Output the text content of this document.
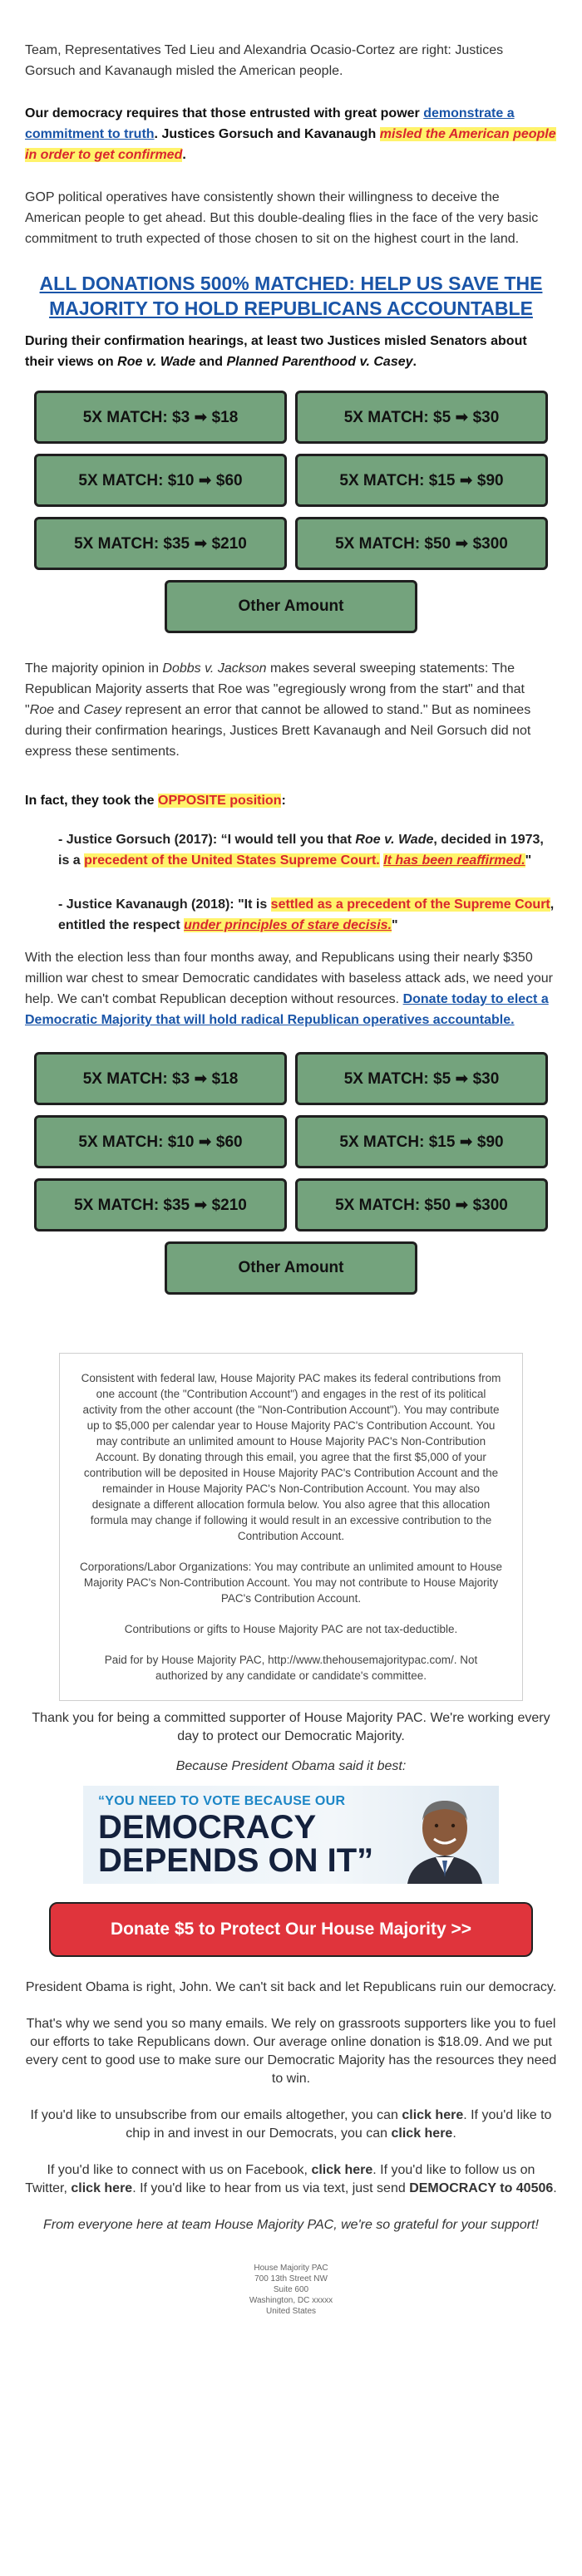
Team, Representatives Ted Lieu and Alexandria Ocasio-Cortez are right: Justices Gorsuch and Kavanaugh misled the American people.

Our democracy requires that those entrusted with great power demonstrate a commitment to truth. Justices Gorsuch and Kavanaugh misled the American people in order to get confirmed.

GOP political operatives have consistently shown their willingness to deceive the American people to get ahead. But this double-dealing flies in the face of the very basic commitment to truth expected of those chosen to sit on the highest court in the land.

ALL DONATIONS 500% MATCHED: HELP US SAVE THE MAJORITY TO HOLD REPUBLICANS ACCOUNTABLE

During their confirmation hearings, at least two Justices misled Senators about their views on Roe v. Wade and Planned Parenthood v. Casey.

5X MATCH: $3 ➡ $18	5X MATCH: $5 ➡ $30
5X MATCH: $10 ➡ $60	5X MATCH: $15 ➡ $90
5X MATCH: $35 ➡ $210	5X MATCH: $50 ➡ $300
Other Amount

The majority opinion in Dobbs v. Jackson makes several sweeping statements: The Republican Majority asserts that Roe was "egregiously wrong from the start" and that "Roe and Casey represent an error that cannot be allowed to stand." But as nominees during their confirmation hearings, Justices Brett Kavanaugh and Neil Gorsuch did not express these sentiments.

In fact, they took the OPPOSITE position:

- Justice Gorsuch (2017): “I would tell you that Roe v. Wade, decided in 1973, is a precedent of the United States Supreme Court. It has been reaffirmed."

- Justice Kavanaugh (2018): "It is settled as a precedent of the Supreme Court, entitled the respect under principles of stare decisis."

With the election less than four months away, and Republicans using their nearly $350 million war chest to smear Democratic candidates with baseless attack ads, we need your help. We can't combat Republican deception without resources. Donate today to elect a Democratic Majority that will hold radical Republican operatives accountable.

5X MATCH: $3 ➡ $18	5X MATCH: $5 ➡ $30
5X MATCH: $10 ➡ $60	5X MATCH: $15 ➡ $90
5X MATCH: $35 ➡ $210	5X MATCH: $50 ➡ $300
Other Amount

Consistent with federal law, House Majority PAC makes its federal contributions from one account (the "Contribution Account") and engages in the rest of its political activity from the other account (the "Non-Contribution Account"). You may contribute up to $5,000 per calendar year to House Majority PAC's Contribution Account. You may contribute an unlimited amount to House Majority PAC's Non-Contribution Account. By donating through this email, you agree that the first $5,000 of your contribution will be deposited in House Majority PAC's Contribution Account and the remainder in House Majority PAC's Non-Contribution Account. You may also designate a different allocation formula below. You also agree that this allocation formula may change if following it would result in an excessive contribution to the Contribution Account.

Corporations/Labor Organizations: You may contribute an unlimited amount to House Majority PAC's Non-Contribution Account. You may not contribute to House Majority PAC's Contribution Account.

Contributions or gifts to House Majority PAC are not tax-deductible.

Paid for by House Majority PAC, http://www.thehousemajoritypac.com/. Not authorized by any candidate or candidate's committee.

Thank you for being a committed supporter of House Majority PAC. We're working every day to protect our Democratic Majority.

Because President Obama said it best:

“YOU NEED TO VOTE BECAUSE OUR
DEMOCRACY
DEPENDS ON IT”
Donate $5 to Protect Our House Majority >>

President Obama is right, John. We can't sit back and let Republicans ruin our democracy.

That's why we send you so many emails. We rely on grassroots supporters like you to fuel our efforts to take Republicans down. Our average online donation is $18.09. And we put every cent to good use to make sure our Democratic Majority has the resources they need to win.

If you'd like to unsubscribe from our emails altogether, you can click here. If you'd like to chip in and invest in our Democrats, you can click here.

If you'd like to connect with us on Facebook, click here. If you'd like to follow us on Twitter, click here. If you'd like to hear from us via text, just send DEMOCRACY to 40506.

From everyone here at team House Majority PAC, we're so grateful for your support!

House Majority PAC
700 13th Street NW
Suite 600
Washington, DC xxxxx
United States
